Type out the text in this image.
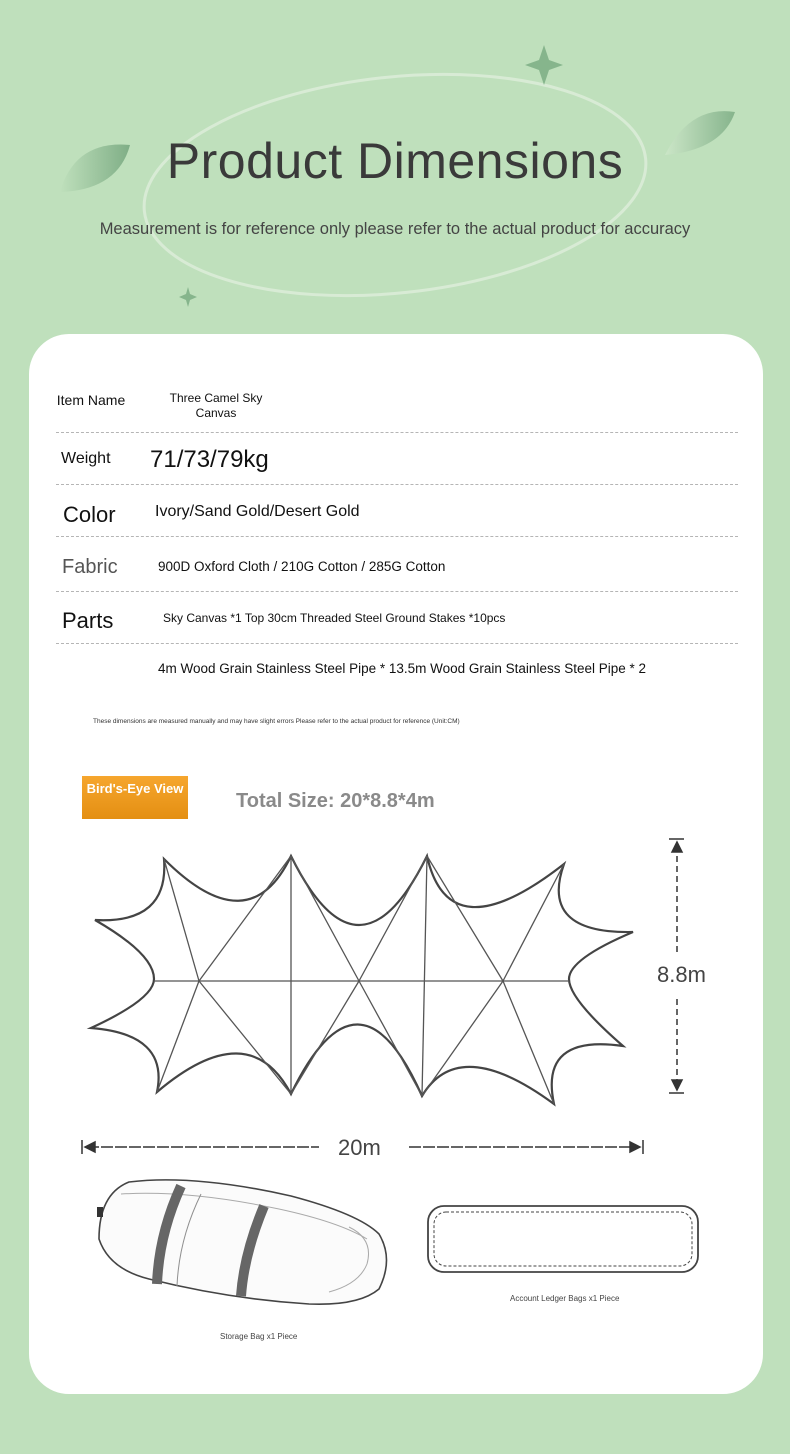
Product Dimensions
Measurement is for reference only please refer to the actual product for accuracy
Item Name	Three Camel Sky Canvas
Weight 71/73/79kg
Color Ivory/Sand Gold/Desert Gold
Fabric	900D Oxford Cloth / 210G Cotton / 285G Cotton
Parts	Sky Canvas *1 Top 30cm Threaded Steel Ground Stakes *10pcs
4m Wood Grain Stainless Steel Pipe * 13.5m Wood Grain Stainless Steel Pipe * 2
These dimensions are measured manually and may have slight errors Please refer to the actual product for reference (Unit:CM)
Bird's-Eye View
Total Size: 20*8.8*4m
8.8m
20m
Storage Bag x1 Piece
Account Ledger Bags x1 Piece
